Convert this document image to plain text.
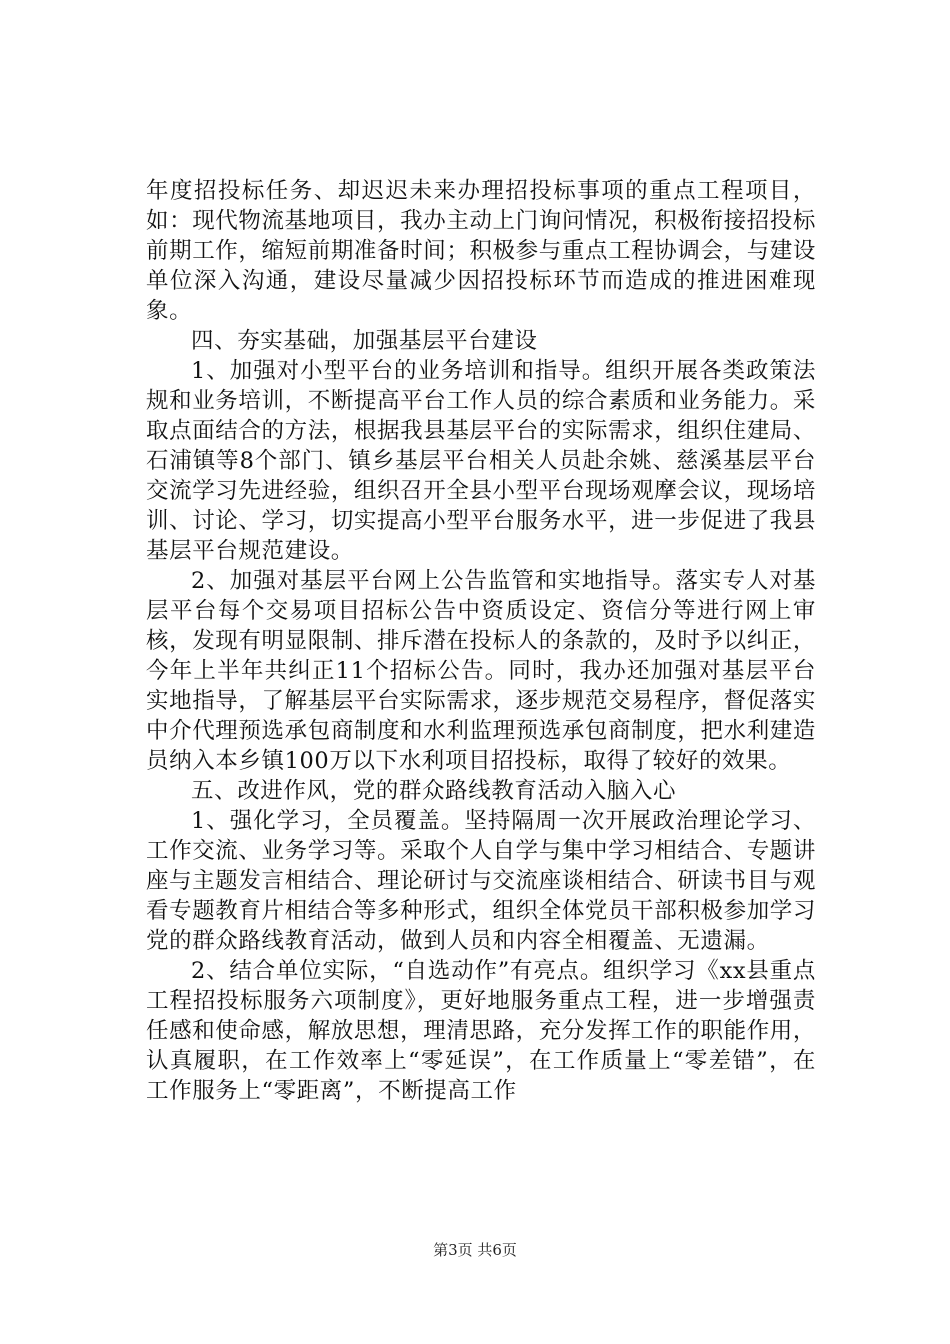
年度招投标任务、却迟迟未来办理招投标事项的重点工程项目，如：现代物流基地项目，我办主动上门询问情况，积极衔接招投标前期工作，缩短前期准备时间；积极参与重点工程协调会，与建设单位深入沟通，建设尽量减少因招投标环节而造成的推进困难现象。

四、夯实基础，加强基层平台建设

1、加强对小型平台的业务培训和指导。组织开展各类政策法规和业务培训，不断提高平台工作人员的综合素质和业务能力。采取点面结合的方法，根据我县基层平台的实际需求，组织住建局、石浦镇等8个部门、镇乡基层平台相关人员赴余姚、慈溪基层平台交流学习先进经验，组织召开全县小型平台现场观摩会议，现场培训、讨论、学习，切实提高小型平台服务水平，进一步促进了我县基层平台规范建设。

2、加强对基层平台网上公告监管和实地指导。落实专人对基层平台每个交易项目招标公告中资质设定、资信分等进行网上审核，发现有明显限制、排斥潜在投标人的条款的，及时予以纠正，今年上半年共纠正11个招标公告。同时，我办还加强对基层平台实地指导，了解基层平台实际需求，逐步规范交易程序，督促落实中介代理预选承包商制度和水利监理预选承包商制度，把水利建造员纳入本乡镇100万以下水利项目招投标，取得了较好的效果。

五、改进作风，党的群众路线教育活动入脑入心

1、强化学习，全员覆盖。坚持隔周一次开展政治理论学习、工作交流、业务学习等。采取个人自学与集中学习相结合、专题讲座与主题发言相结合、理论研讨与交流座谈相结合、研读书目与观看专题教育片相结合等多种形式，组织全体党员干部积极参加学习党的群众路线教育活动，做到人员和内容全相覆盖、无遗漏。

2、结合单位实际，“自选动作”有亮点。组织学习《xx县重点工程招投标服务六项制度》，更好地服务重点工程，进一步增强责任感和使命感，解放思想，理清思路，充分发挥工作的职能作用，认真履职，在工作效率上“零延误”，在工作质量上“零差错”，在工作服务上“零距离”，不断提高工作

第3页 共6页
